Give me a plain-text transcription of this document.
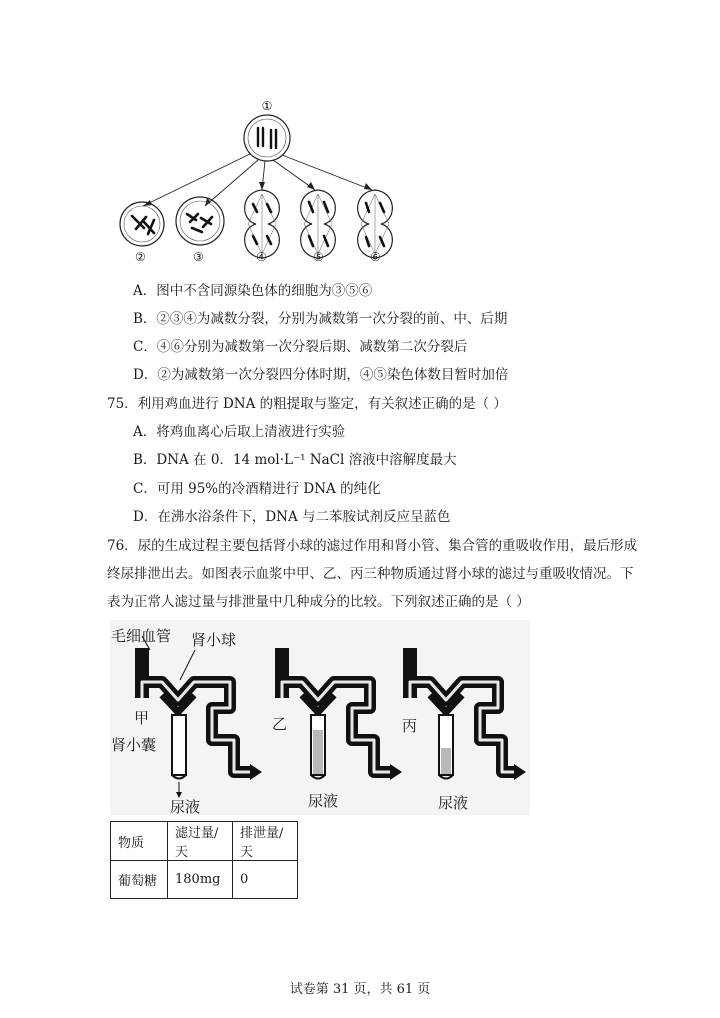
①
②	③	④	⑤	⑥
A．图中不含同源染色体的细胞为③⑤⑥
B．②③④为减数分裂，分别为减数第一次分裂的前、中、后期
C．④⑥分别为减数第一次分裂后期、减数第二次分裂后
D．②为减数第一次分裂四分体时期，④⑤染色体数目暂时加倍
75．利用鸡血进行 DNA 的粗提取与鉴定，有关叙述正确的是（ ）
A．将鸡血离心后取上清液进行实验
B．DNA 在 0．14 mol·L⁻¹ NaCl 溶液中溶解度最大
C．可用 95%的冷酒精进行 DNA 的纯化
D．在沸水浴条件下，DNA 与二苯胺试剂反应呈蓝色
76．尿的生成过程主要包括肾小球的滤过作用和肾小管、集合管的重吸收作用，最后形成
终尿排泄出去。如图表示血浆中甲、乙、丙三种物质通过肾小球的滤过与重吸收情况。下
表为正常人滤过量与排泄量中几种成分的比较。下列叙述正确的是（ ）
毛细血管 肾小球
甲
肾小囊
乙	丙
尿液	尿液	尿液
物质	滤过量/天	排泄量/天
葡萄糖	180mg	0
试卷第 31 页，共 61 页
